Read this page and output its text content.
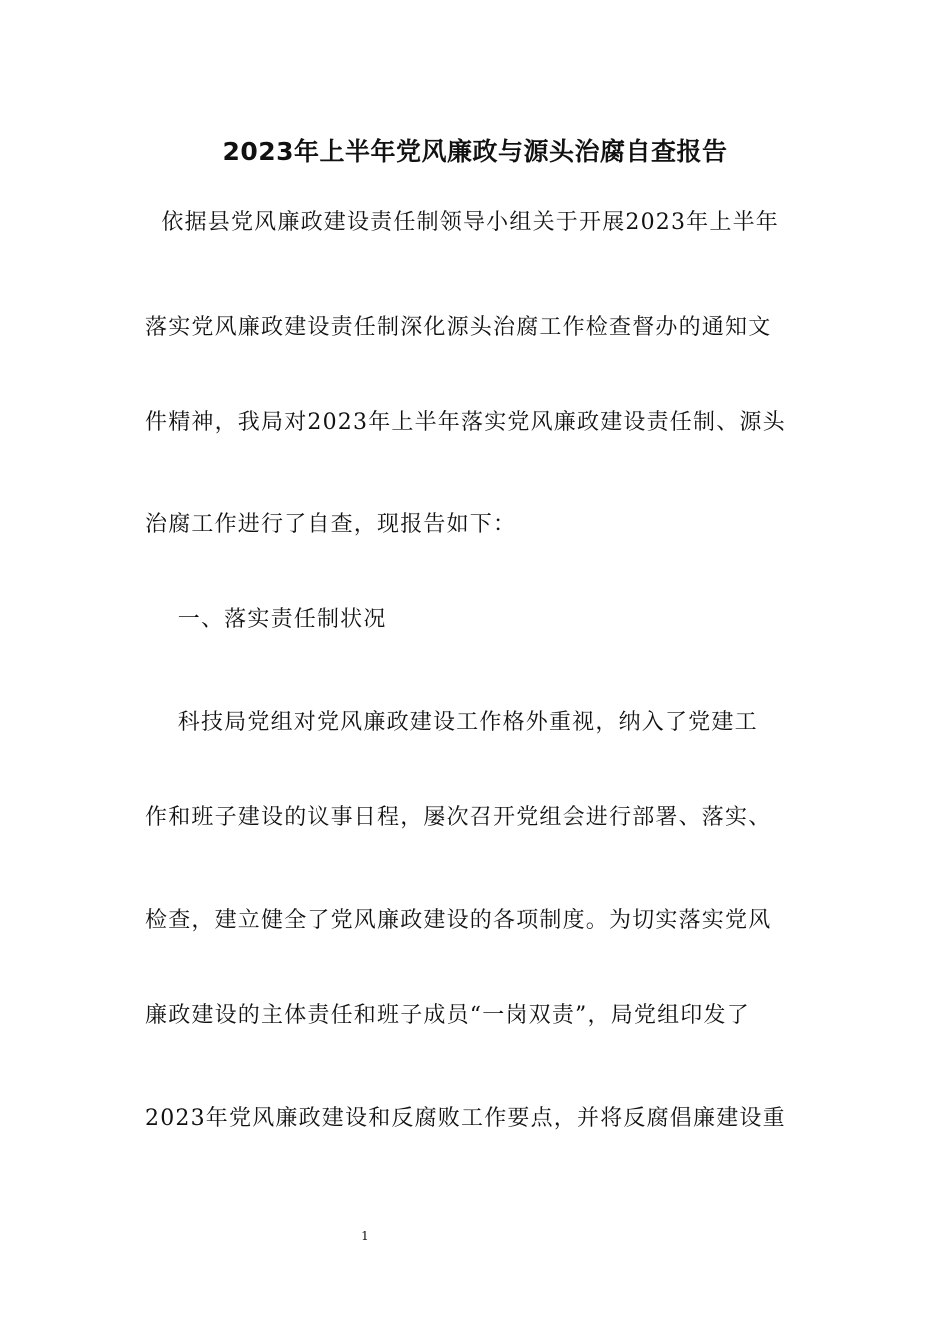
2023年上半年党风廉政与源头治腐自查报告
依据县党风廉政建设责任制领导小组关于开展2023年上半年
落实党风廉政建设责任制深化源头治腐工作检查督办的通知文
件精神，我局对2023年上半年落实党风廉政建设责任制、源头
治腐工作进行了自查，现报告如下：
一、落实责任制状况
科技局党组对党风廉政建设工作格外重视，纳入了党建工
作和班子建设的议事日程，屡次召开党组会进行部署、落实、
检查，建立健全了党风廉政建设的各项制度。为切实落实党风
廉政建设的主体责任和班子成员“一岗双责”，局党组印发了
2023年党风廉政建设和反腐败工作要点，并将反腐倡廉建设重
1
